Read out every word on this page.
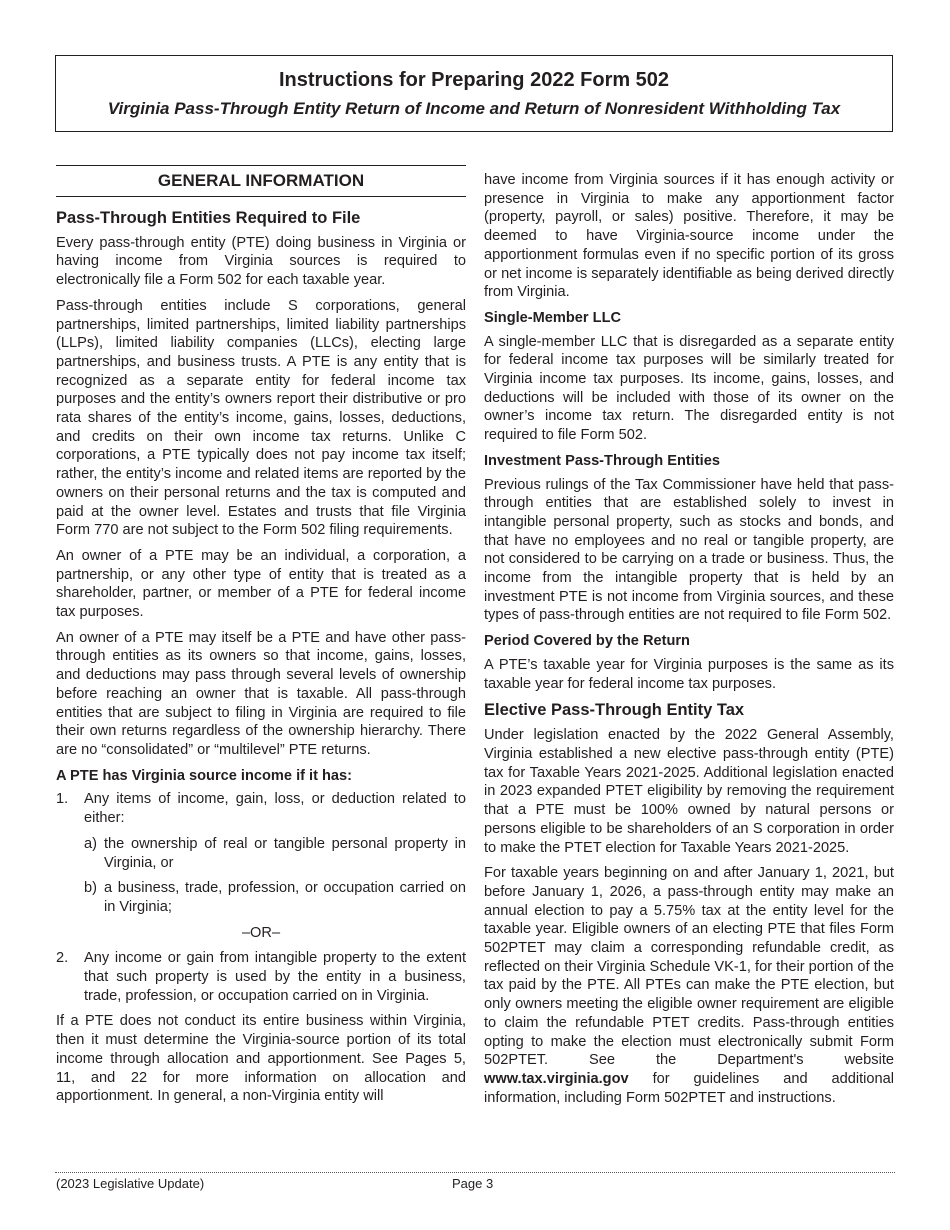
Instructions for Preparing 2022 Form 502
Virginia Pass-Through Entity Return of Income and Return of Nonresident Withholding Tax
GENERAL INFORMATION
Pass-Through Entities Required to File

Every pass-through entity (PTE) doing business in Virginia or having income from Virginia sources is required to electronically file a Form 502 for each taxable year.

Pass-through entities include S corporations, general partnerships, limited partnerships, limited liability partnerships (LLPs), limited liability companies (LLCs), electing large partnerships, and business trusts. A PTE is any entity that is recognized as a separate entity for federal income tax purposes and the entity’s owners report their distributive or pro rata shares of the entity’s income, gains, losses, deductions, and credits on their own income tax returns. Unlike C corporations, a PTE typically does not pay income tax itself; rather, the entity’s income and related items are reported by the owners on their personal returns and the tax is computed and paid at the owner level. Estates and trusts that file Virginia Form 770 are not subject to the Form 502 filing requirements.

An owner of a PTE may be an individual, a corporation, a partnership, or any other type of entity that is treated as a shareholder, partner, or member of a PTE for federal income tax purposes.

An owner of a PTE may itself be a PTE and have other pass-through entities as its owners so that income, gains, losses, and deductions may pass through several levels of ownership before reaching an owner that is taxable. All pass-through entities that are subject to filing in Virginia are required to file their own returns regardless of the ownership hierarchy. There are no “consolidated” or “multilevel” PTE returns.

A PTE has Virginia source income if it has:
1. Any items of income, gain, loss, or deduction related to either:
a) the ownership of real or tangible personal property in Virginia, or
b) a business, trade, profession, or occupation carried on in Virginia;
–OR–
2. Any income or gain from intangible property to the extent that such property is used by the entity in a business, trade, profession, or occupation carried on in Virginia.

If a PTE does not conduct its entire business within Virginia, then it must determine the Virginia-source portion of its total income through allocation and apportionment. See Pages 5, 11, and 22 for more information on allocation and apportionment. In general, a non-Virginia entity will

have income from Virginia sources if it has enough activity or presence in Virginia to make any apportionment factor (property, payroll, or sales) positive. Therefore, it may be deemed to have Virginia-source income under the apportionment formulas even if no specific portion of its gross or net income is separately identifiable as being derived directly from Virginia.

Single-Member LLC

A single-member LLC that is disregarded as a separate entity for federal income tax purposes will be similarly treated for Virginia income tax purposes. Its income, gains, losses, and deductions will be included with those of its owner on the owner’s income tax return. The disregarded entity is not required to file Form 502.

Investment Pass-Through Entities

Previous rulings of the Tax Commissioner have held that pass-through entities that are established solely to invest in intangible personal property, such as stocks and bonds, and that have no employees and no real or tangible property, are not considered to be carrying on a trade or business. Thus, the income from the intangible property that is held by an investment PTE is not income from Virginia sources, and these types of pass-through entities are not required to file Form 502.

Period Covered by the Return

A PTE’s taxable year for Virginia purposes is the same as its taxable year for federal income tax purposes.

Elective Pass-Through Entity Tax

Under legislation enacted by the 2022 General Assembly, Virginia established a new elective pass-through entity (PTE) tax for Taxable Years 2021-2025. Additional legislation enacted in 2023 expanded PTET eligibility by removing the requirement that a PTE must be 100% owned by natural persons or persons eligible to be shareholders of an S corporation in order to make the PTET election for Taxable Years 2021-2025.

For taxable years beginning on and after January 1, 2021, but before January 1, 2026, a pass-through entity may make an annual election to pay a 5.75% tax at the entity level for the taxable year. Eligible owners of an electing PTE that files Form 502PTET may claim a corresponding refundable credit, as reflected on their Virginia Schedule VK-1, for their portion of the tax paid by the PTE. All PTEs can make the PTE election, but only owners meeting the eligible owner requirement are eligible to claim the refundable PTET credits. Pass-through entities opting to make the election must electronically submit Form 502PTET. See the Department's website www.tax.virginia.gov for guidelines and additional information, including Form 502PTET and instructions.

(2023 Legislative Update)	Page 3
